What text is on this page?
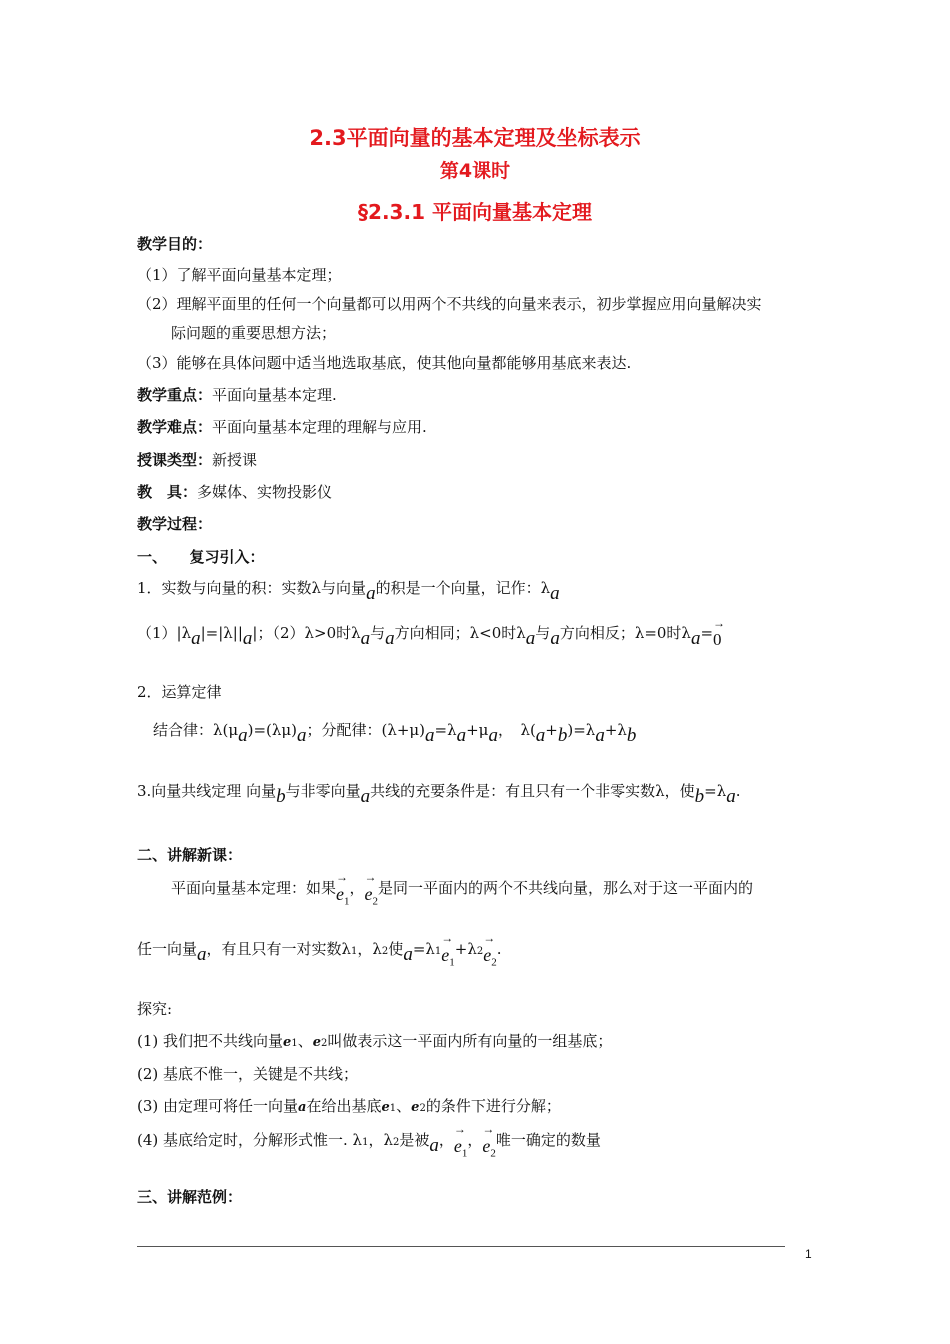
2.3平面向量的基本定理及坐标表示
第4课时
§2.3.1 平面向量基本定理
教学目的：
（1）了解平面向量基本定理；
（2）理解平面里的任何一个向量都可以用两个不共线的向量来表示，初步掌握应用向量解决实
际问题的重要思想方法；
（3）能够在具体问题中适当地选取基底，使其他向量都能够用基底来表达.
教学重点：平面向量基本定理.
教学难点：平面向量基本定理的理解与应用.
授课类型：新授课
教　具：多媒体、实物投影仪
教学过程：
一、　　复习引入：
1．实数与向量的积：实数λ与向量a的积是一个向量，记作：λa
（1）|λa|=|λ||a|；（2）λ>0时λa与a方向相同；λ<0时λa与a方向相反；λ=0时λa=
→
0
2．运算定律
结合律：λ(μa)=(λμ)a；分配律：(λ+μ)a=λa+μa，　λ(a+b)=λa+λb
3.向量共线定理 向量b与非零向量a共线的充要条件是：有且只有一个非零实数λ，使b=λa.
二、讲解新课：
平面向量基本定理：如果
→
$e_1$，
→
$e_2$是同一平面内的两个不共线向量，那么对于这一平面内的
任一向量a，有且只有一对实数λ1，λ2使a=λ1
→
$e_1+\lambda 2$
→
$e_2$.
探究:
(1) 我们把不共线向量e1、e2叫做表示这一平面内所有向量的一组基底；
(2) 基底不惟一，关键是不共线；
(3) 由定理可将任一向量a在给出基底e1、e2的条件下进行分解；
(4) 基底给定时，分解形式惟一. λ1，λ2是被a，
→
$e_1$，
→
$e_2$唯一确定的数量
三、讲解范例：
1
